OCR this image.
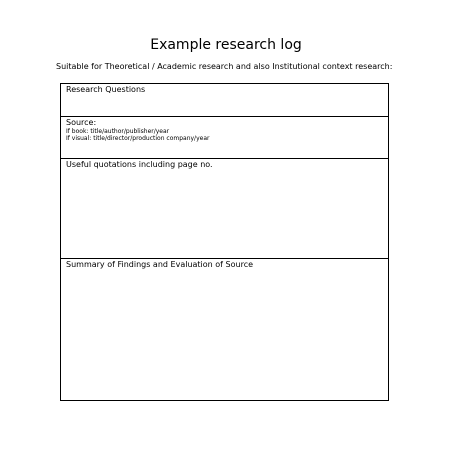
Example research log
Suitable for Theoretical / Academic research and also Institutional context research:
Research Questions
Source:
If book: title/author/publisher/year
If visual: title/director/production company/year
Useful quotations including page no.
Summary of Findings and Evaluation of Source
